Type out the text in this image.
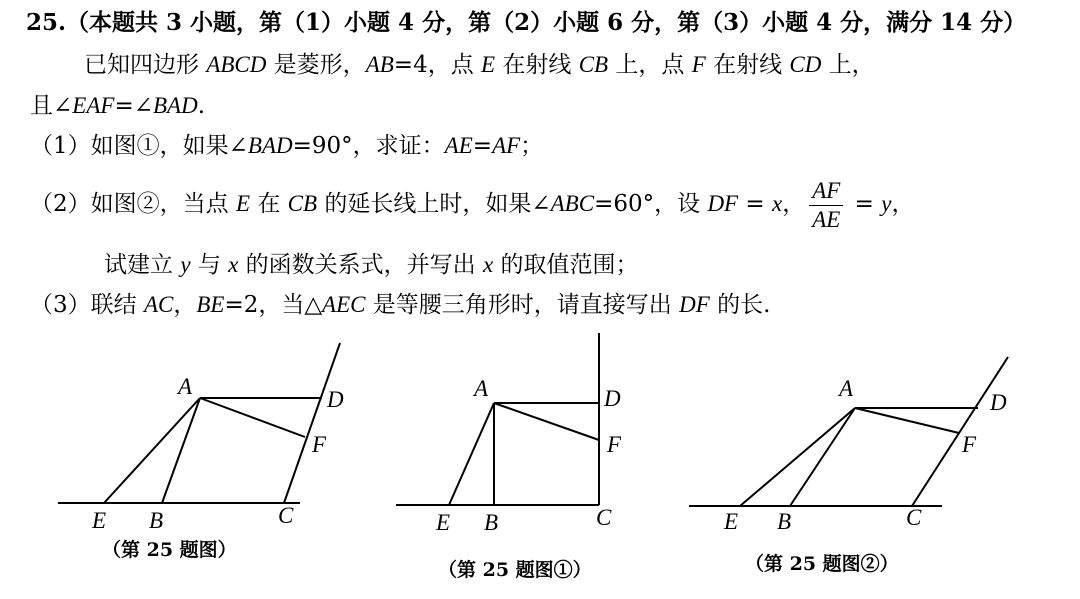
25.（本题共 3 小题，第（1）小题 4 分，第（2）小题 6 分，第（3）小题 4 分，满分 14 分）
已知四边形 ABCD 是菱形，AB=4，点 E 在射线 CB 上，点 F 在射线 CD 上，
且∠EAF=∠BAD.
（1）如图①，如果∠BAD=90°，求证：AE=AF；
（2）如图②，当点 E 在 CB 的延长线上时，如果∠ABC=60°，设 DF = x， $\frac{AF}{AE} = y$，
试建立 y 与 x 的函数关系式，并写出 x 的取值范围；
（3）联结 AC，BE=2，当△AEC 是等腰三角形时，请直接写出 DF 的长.
A
D
F
E B	C
（第 25 题图）
A	D
F
E B	C
（第 25 题图①）
A
D
F
E B	C
（第 25 题图②）
